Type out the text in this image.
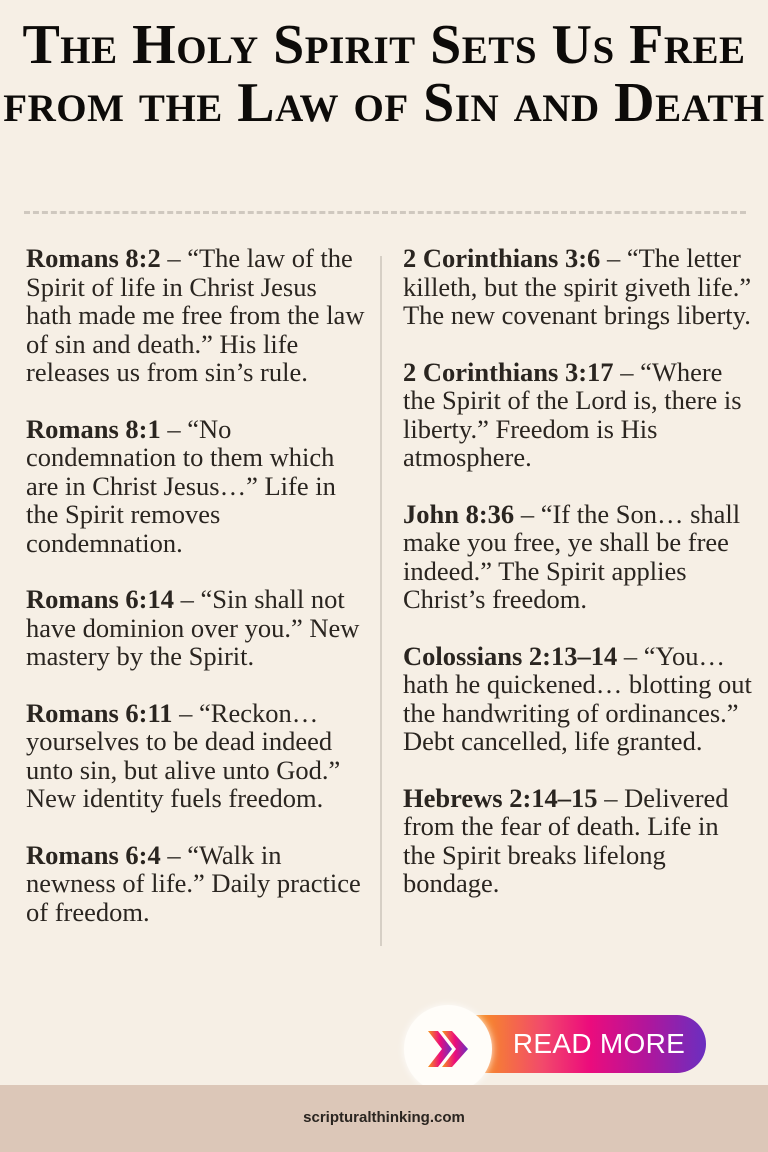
The Holy Spirit Sets Us Free from the Law of Sin and Death

Romans 8:2 – “The law of the Spirit of life in Christ Jesus hath made me free from the law of sin and death.” His life releases us from sin’s rule.

Romans 8:1 – “No condemnation to them which are in Christ Jesus…” Life in the Spirit removes condemnation.

Romans 6:14 – “Sin shall not have dominion over you.” New mastery by the Spirit.

Romans 6:11 – “Reckon… yourselves to be dead indeed unto sin, but alive unto God.” New identity fuels freedom.

Romans 6:4 – “Walk in newness of life.” Daily practice of freedom.

2 Corinthians 3:6 – “The letter killeth, but the spirit giveth life.” The new covenant brings liberty.

2 Corinthians 3:17 – “Where the Spirit of the Lord is, there is liberty.” Freedom is His atmosphere.

John 8:36 – “If the Son… shall make you free, ye shall be free indeed.” The Spirit applies Christ’s freedom.

Colossians 2:13–14 – “You… hath he quickened… blotting out the handwriting of ordinances.” Debt cancelled, life granted.

Hebrews 2:14–15 – Delivered from the fear of death. Life in the Spirit breaks lifelong bondage.

READ MORE
scripturalthinking.com
